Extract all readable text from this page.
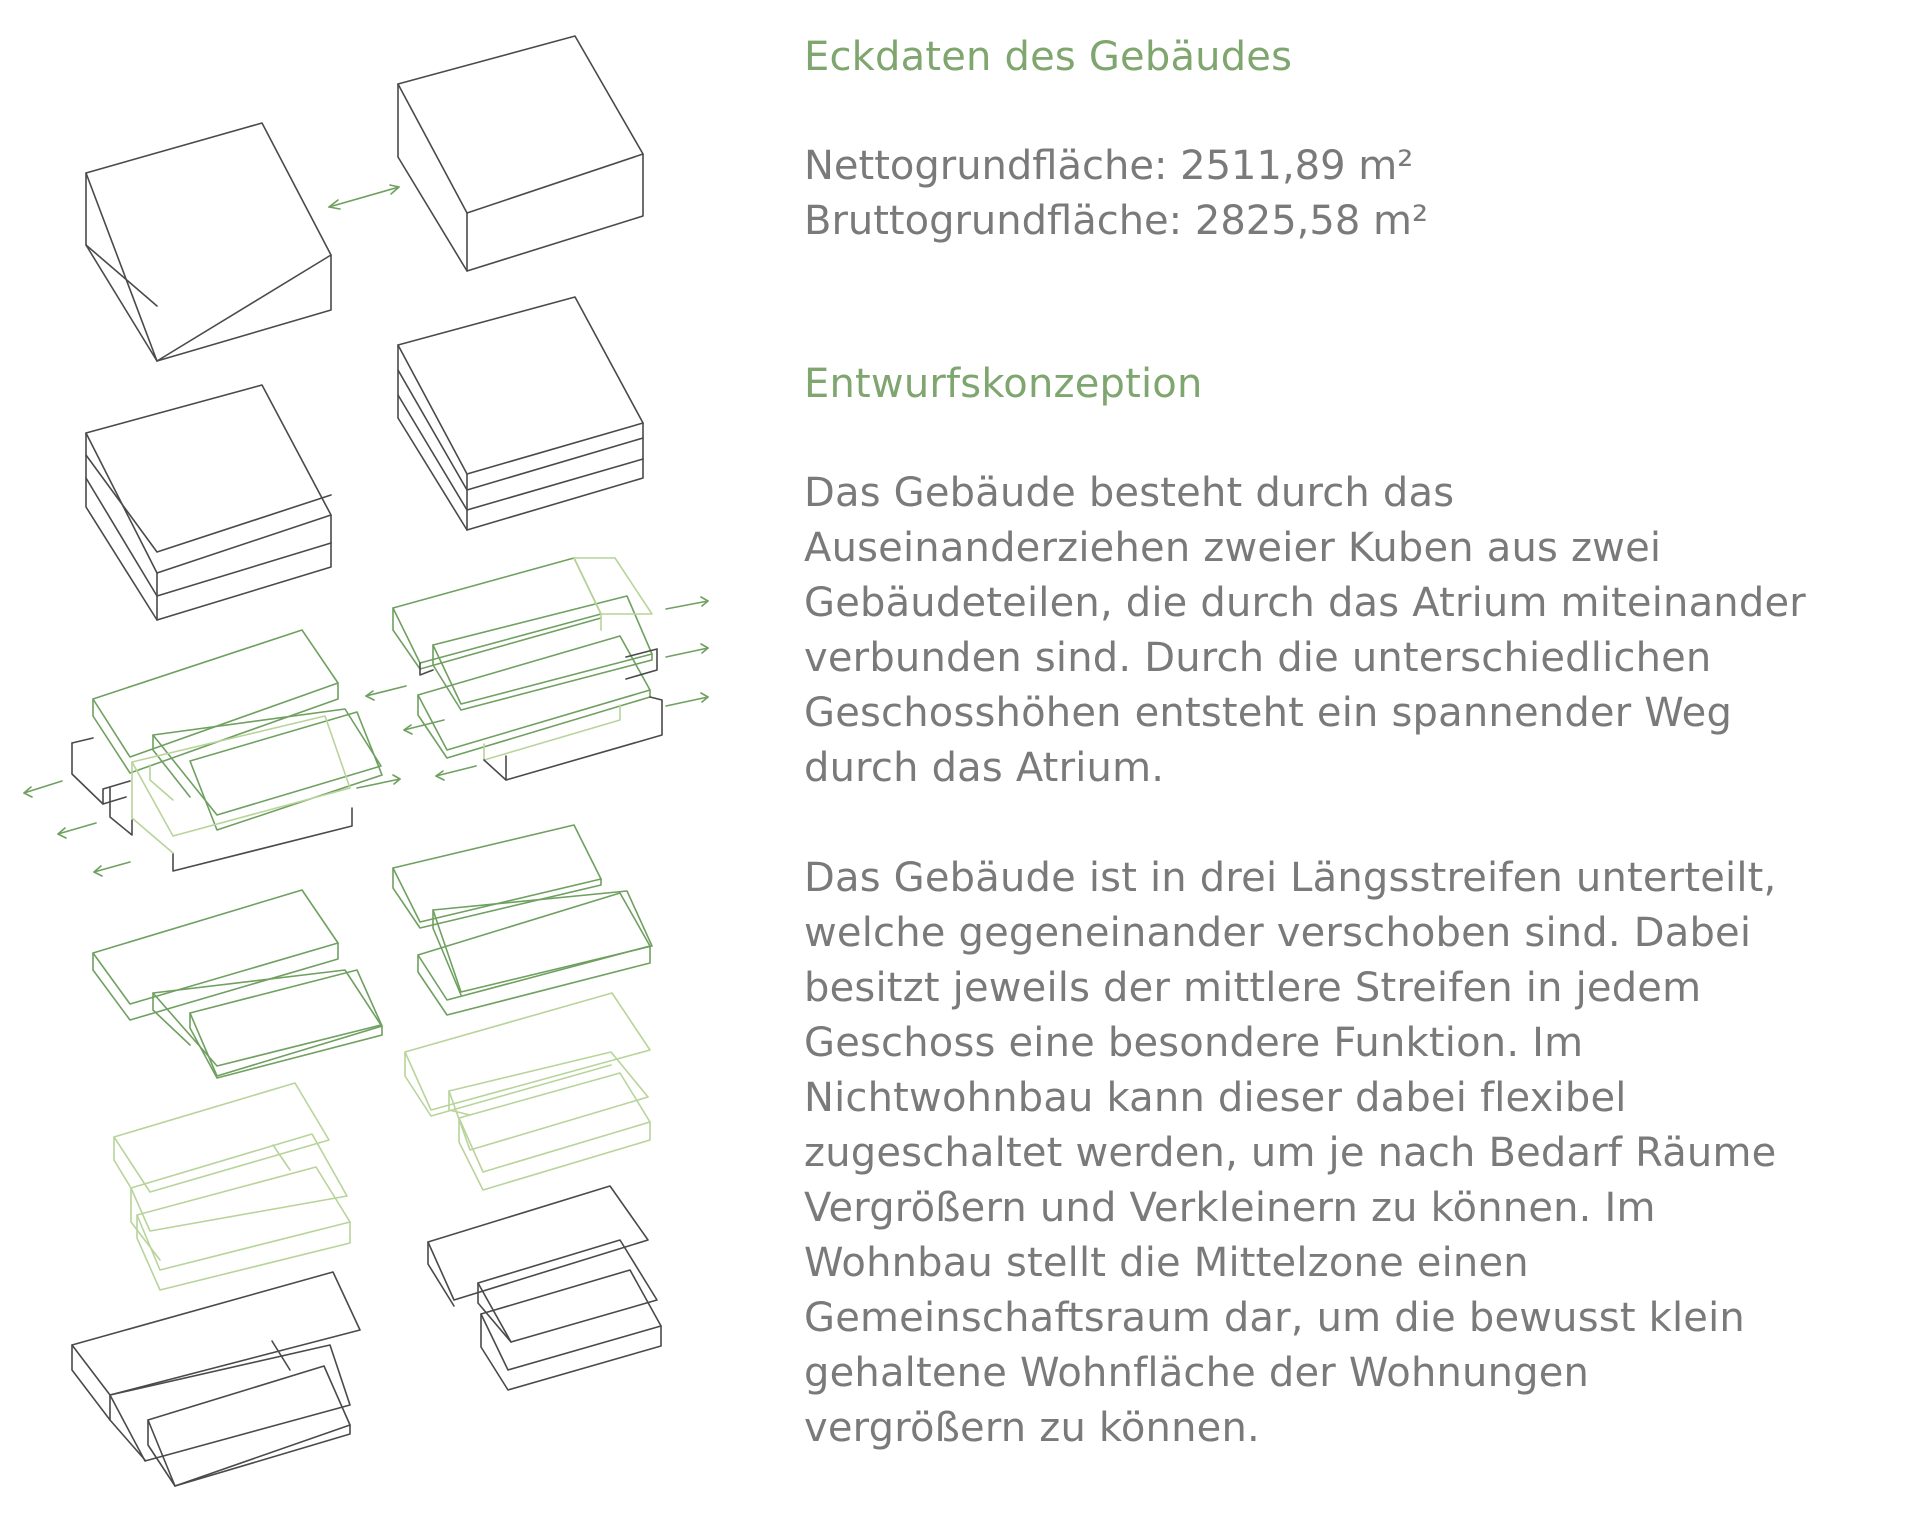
Eckdaten des Gebäudes
Nettogrundfläche: 2511,89 m²
Bruttogrundfläche: 2825,58 m²
Entwurfskonzeption

Das Gebäude besteht durch das
Auseinanderziehen zweier Kuben aus zwei
Gebäudeteilen, die durch das Atrium miteinander
verbunden sind. Durch die unterschiedlichen
Geschosshöhen entsteht ein spannender Weg
durch das Atrium.

Das Gebäude ist in drei Längsstreifen unterteilt,
welche gegeneinander verschoben sind. Dabei
besitzt jeweils der mittlere Streifen in jedem
Geschoss eine besondere Funktion. Im
Nichtwohnbau kann dieser dabei flexibel
zugeschaltet werden, um je nach Bedarf Räume
Vergrößern und Verkleinern zu können. Im
Wohnbau stellt die Mittelzone einen
Gemeinschaftsraum dar, um die bewusst klein
gehaltene Wohnfläche der Wohnungen
vergrößern zu können.
